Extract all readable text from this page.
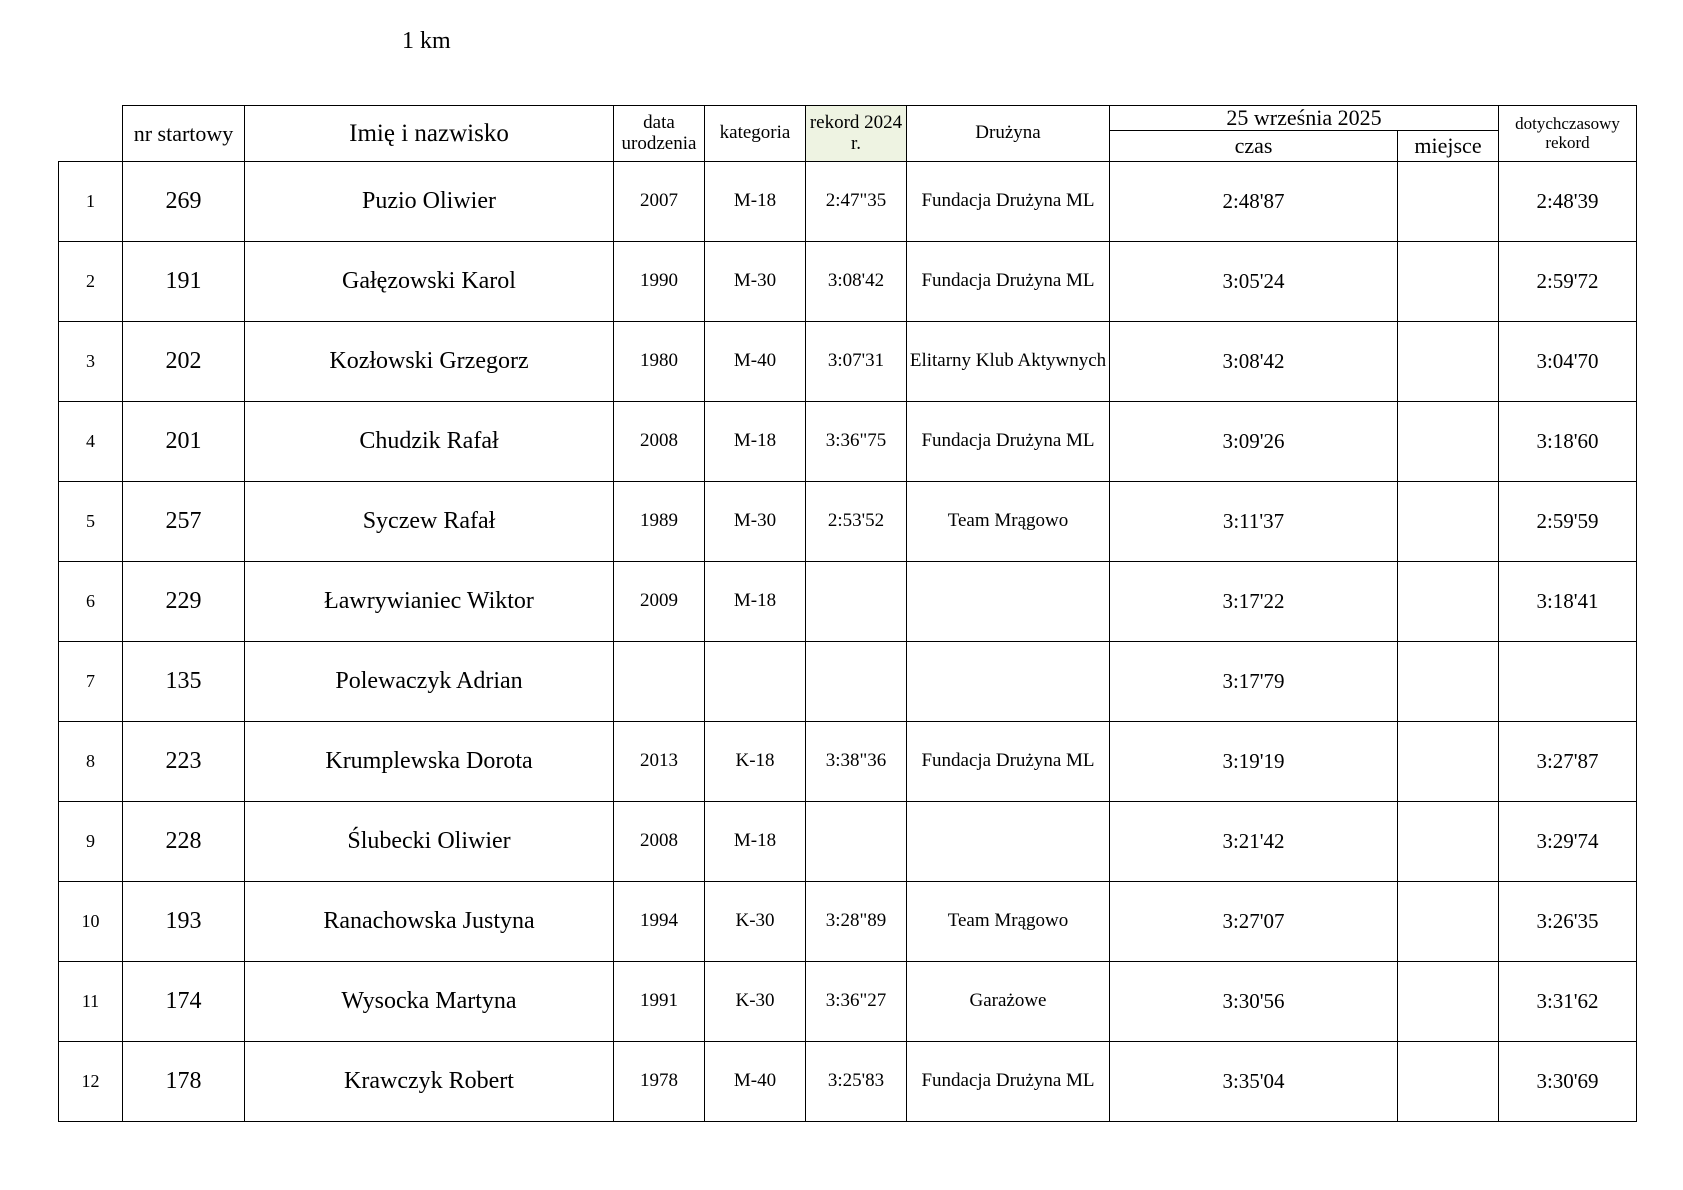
1 km
	nr startowy	Imię i nazwisko	data urodzenia	kategoria	rekord 2024 r.	Drużyna	25 września 2025		dotychczasowy rekord
							czas	miejsce	
1	269	Puzio Oliwier	2007	M-18	2:47"35	Fundacja Drużyna ML	2:48'87		2:48'39
2	191	Gałęzowski Karol	1990	M-30	3:08'42	Fundacja Drużyna ML	3:05'24		2:59'72
3	202	Kozłowski Grzegorz	1980	M-40	3:07'31	Elitarny Klub Aktywnych	3:08'42		3:04'70
4	201	Chudzik Rafał	2008	M-18	3:36"75	Fundacja Drużyna ML	3:09'26		3:18'60
5	257	Syczew Rafał	1989	M-30	2:53'52	Team Mrągowo	3:11'37		2:59'59
6	229	Ławrywianiec Wiktor	2009	M-18			3:17'22		3:18'41
7	135	Polewaczyk Adrian					3:17'79		
8	223	Krumplewska Dorota	2013	K-18	3:38"36	Fundacja Drużyna ML	3:19'19		3:27'87
9	228	Ślubecki Oliwier	2008	M-18			3:21'42		3:29'74
10	193	Ranachowska Justyna	1994	K-30	3:28"89	Team Mrągowo	3:27'07		3:26'35
11	174	Wysocka Martyna	1991	K-30	3:36"27	Garażowe	3:30'56		3:31'62
12	178	Krawczyk Robert	1978	M-40	3:25'83	Fundacja Drużyna ML	3:35'04		3:30'69
